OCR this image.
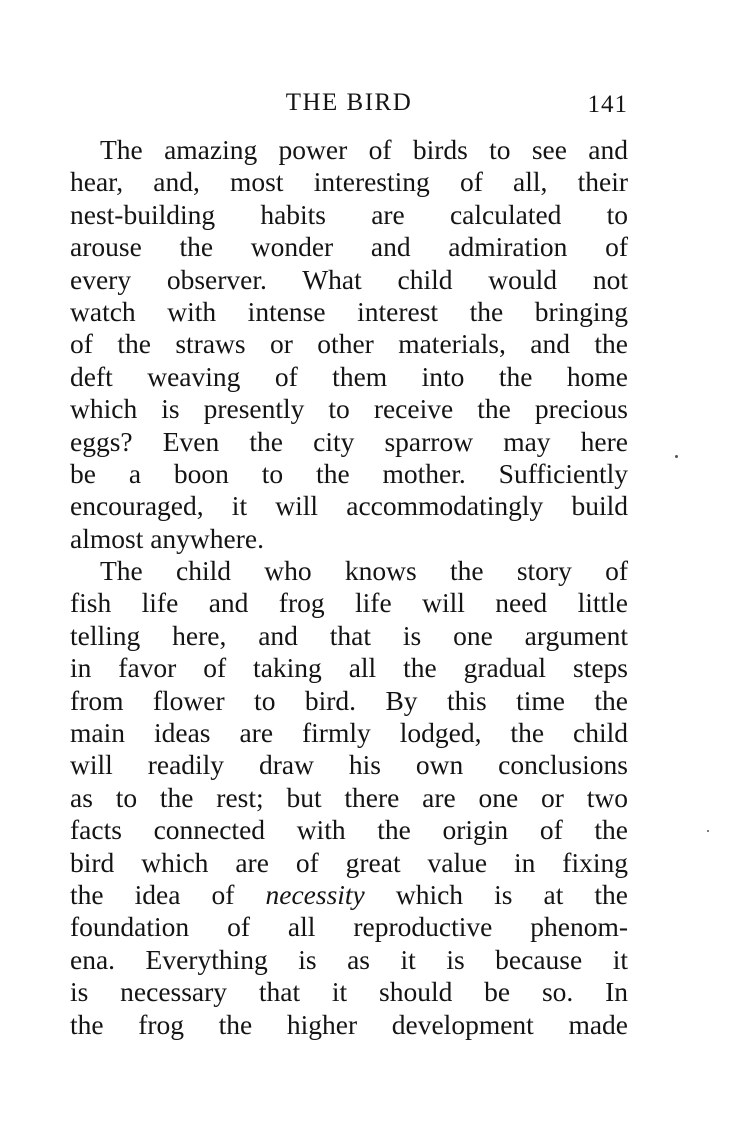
THE BIRD	141
The amazing power of birds to see and
hear, and, most interesting of all, their
nest-building habits are calculated to
arouse the wonder and admiration of
every observer. What child would not
watch with intense interest the bringing
of the straws or other materials, and the
deft weaving of them into the home
which is presently to receive the precious
eggs? Even the city sparrow may here
be a boon to the mother. Sufficiently
encouraged, it will accommodatingly build
almost anywhere.
The child who knows the story of
fish life and frog life will need little
telling here, and that is one argument
in favor of taking all the gradual steps
from flower to bird. By this time the
main ideas are firmly lodged, the child
will readily draw his own conclusions
as to the rest; but there are one or two
facts connected with the origin of the
bird which are of great value in fixing
the idea of necessity which is at the
foundation of all reproductive phenom-
ena. Everything is as it is because it
is necessary that it should be so. In
the frog the higher development made
